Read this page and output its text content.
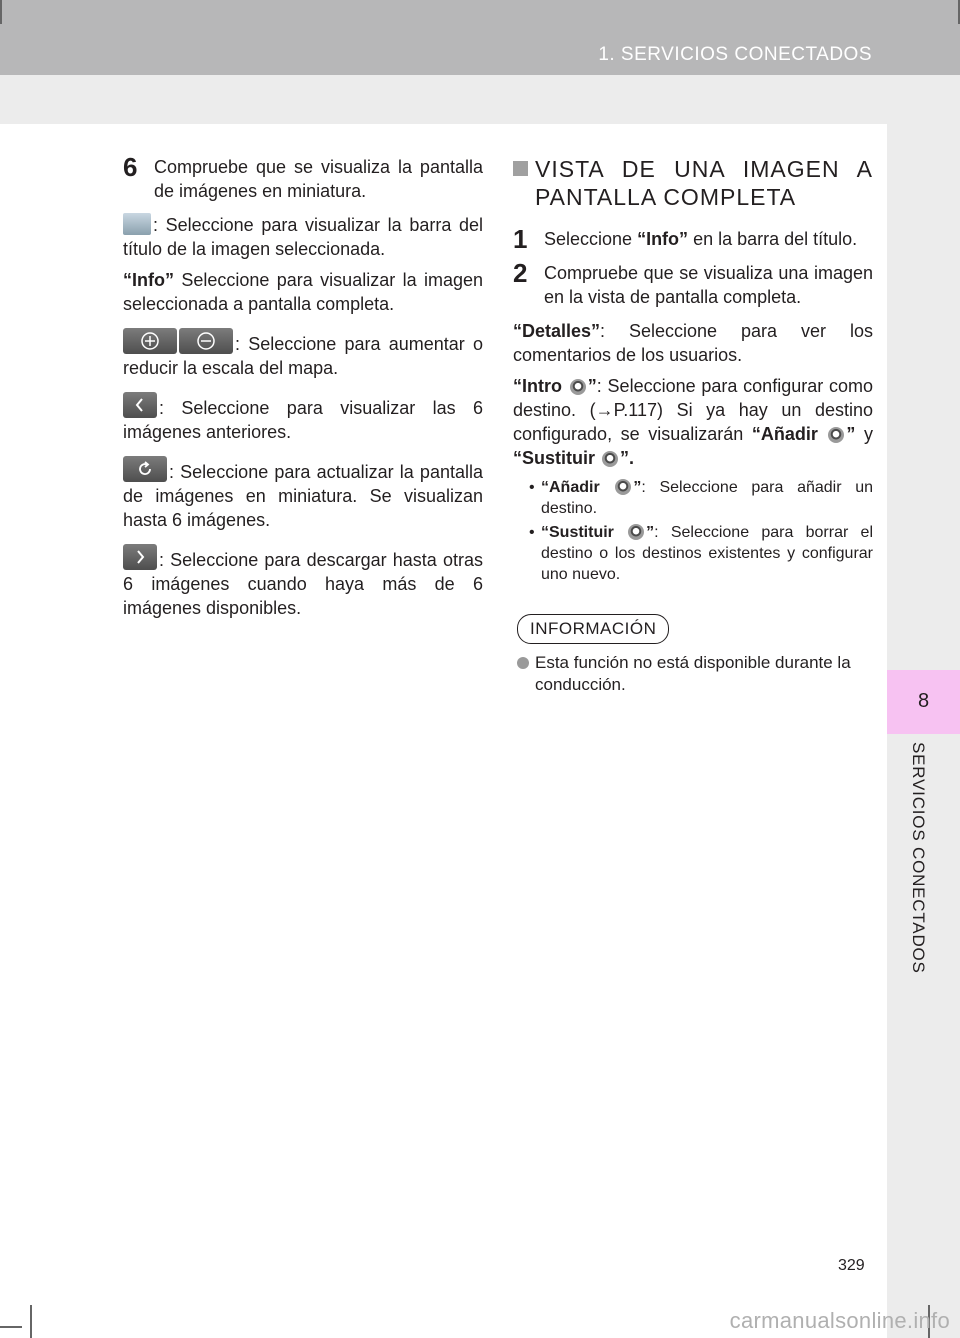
1. SERVICIOS CONECTADOS
8
SERVICIOS CONECTADOS
6 Compruebe que se visualiza la pantalla de imágenes en miniatura.

: Seleccione para visualizar la barra del título de la imagen seleccionada.

“Info” Seleccione para visualizar la imagen seleccionada a pantalla completa.

: Seleccione para aumentar o reducir la escala del mapa.

: Seleccione para visualizar las 6 imágenes anteriores.

: Seleccione para actualizar la pantalla de imágenes en miniatura. Se visualizan hasta 6 imágenes.

: Seleccione para descargar hasta otras 6 imágenes cuando haya más de 6 imágenes disponibles.

VISTA DE UNA IMAGEN A PANTALLA COMPLETA
1 Seleccione “Info” en la barra del título.
2 Compruebe que se visualiza una imagen en la vista de pantalla completa.

“Detalles”: Seleccione para ver los comentarios de los usuarios.

“Intro ”: Seleccione para configurar como destino. (→P.117) Si ya hay un destino configurado, se visualizarán “Añadir ” y “Sustituir ”.

• “Añadir ”: Seleccione para añadir un destino.
• “Sustituir ”: Seleccione para borrar el destino o los destinos existentes y configurar uno nuevo.
INFORMACIÓN
Esta función no está disponible durante la conducción.
329
carmanualsonline.info
